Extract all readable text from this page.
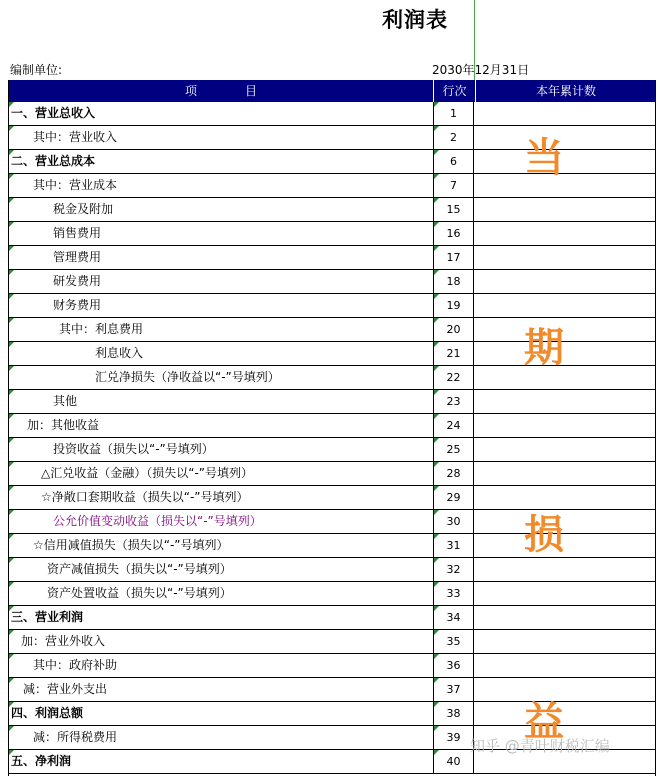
利润表
编制单位:	2030年12月31日
项　　　　目	行次	本年累计数
一、营业总收入	1
其中：营业收入	2
二、营业总成本	6
其中：营业成本	7
税金及附加	15
销售费用	16
管理费用	17
研发费用	18
财务费用	19
其中：利息费用	20
利息收入	21
汇兑净损失（净收益以“-”号填列）	22
其他	23
加：其他收益	24
投资收益（损失以“-”号填列）	25
△汇兑收益（金融）（损失以“-”号填列）	28
☆净敞口套期收益（损失以“-”号填列）	29
公允价值变动收益（损失以“-”号填列）	30
☆信用减值损失（损失以“-”号填列）	31
资产减值损失（损失以“-”号填列）	32
资产处置收益（损失以“-”号填列）	33
三、营业利润	34
加：营业外收入	35
其中：政府补助	36
减：营业外支出	37
四、利润总额	38
减：所得税费用	39
五、净利润	40
当
期
损
益
知乎 @青叶财税汇编
